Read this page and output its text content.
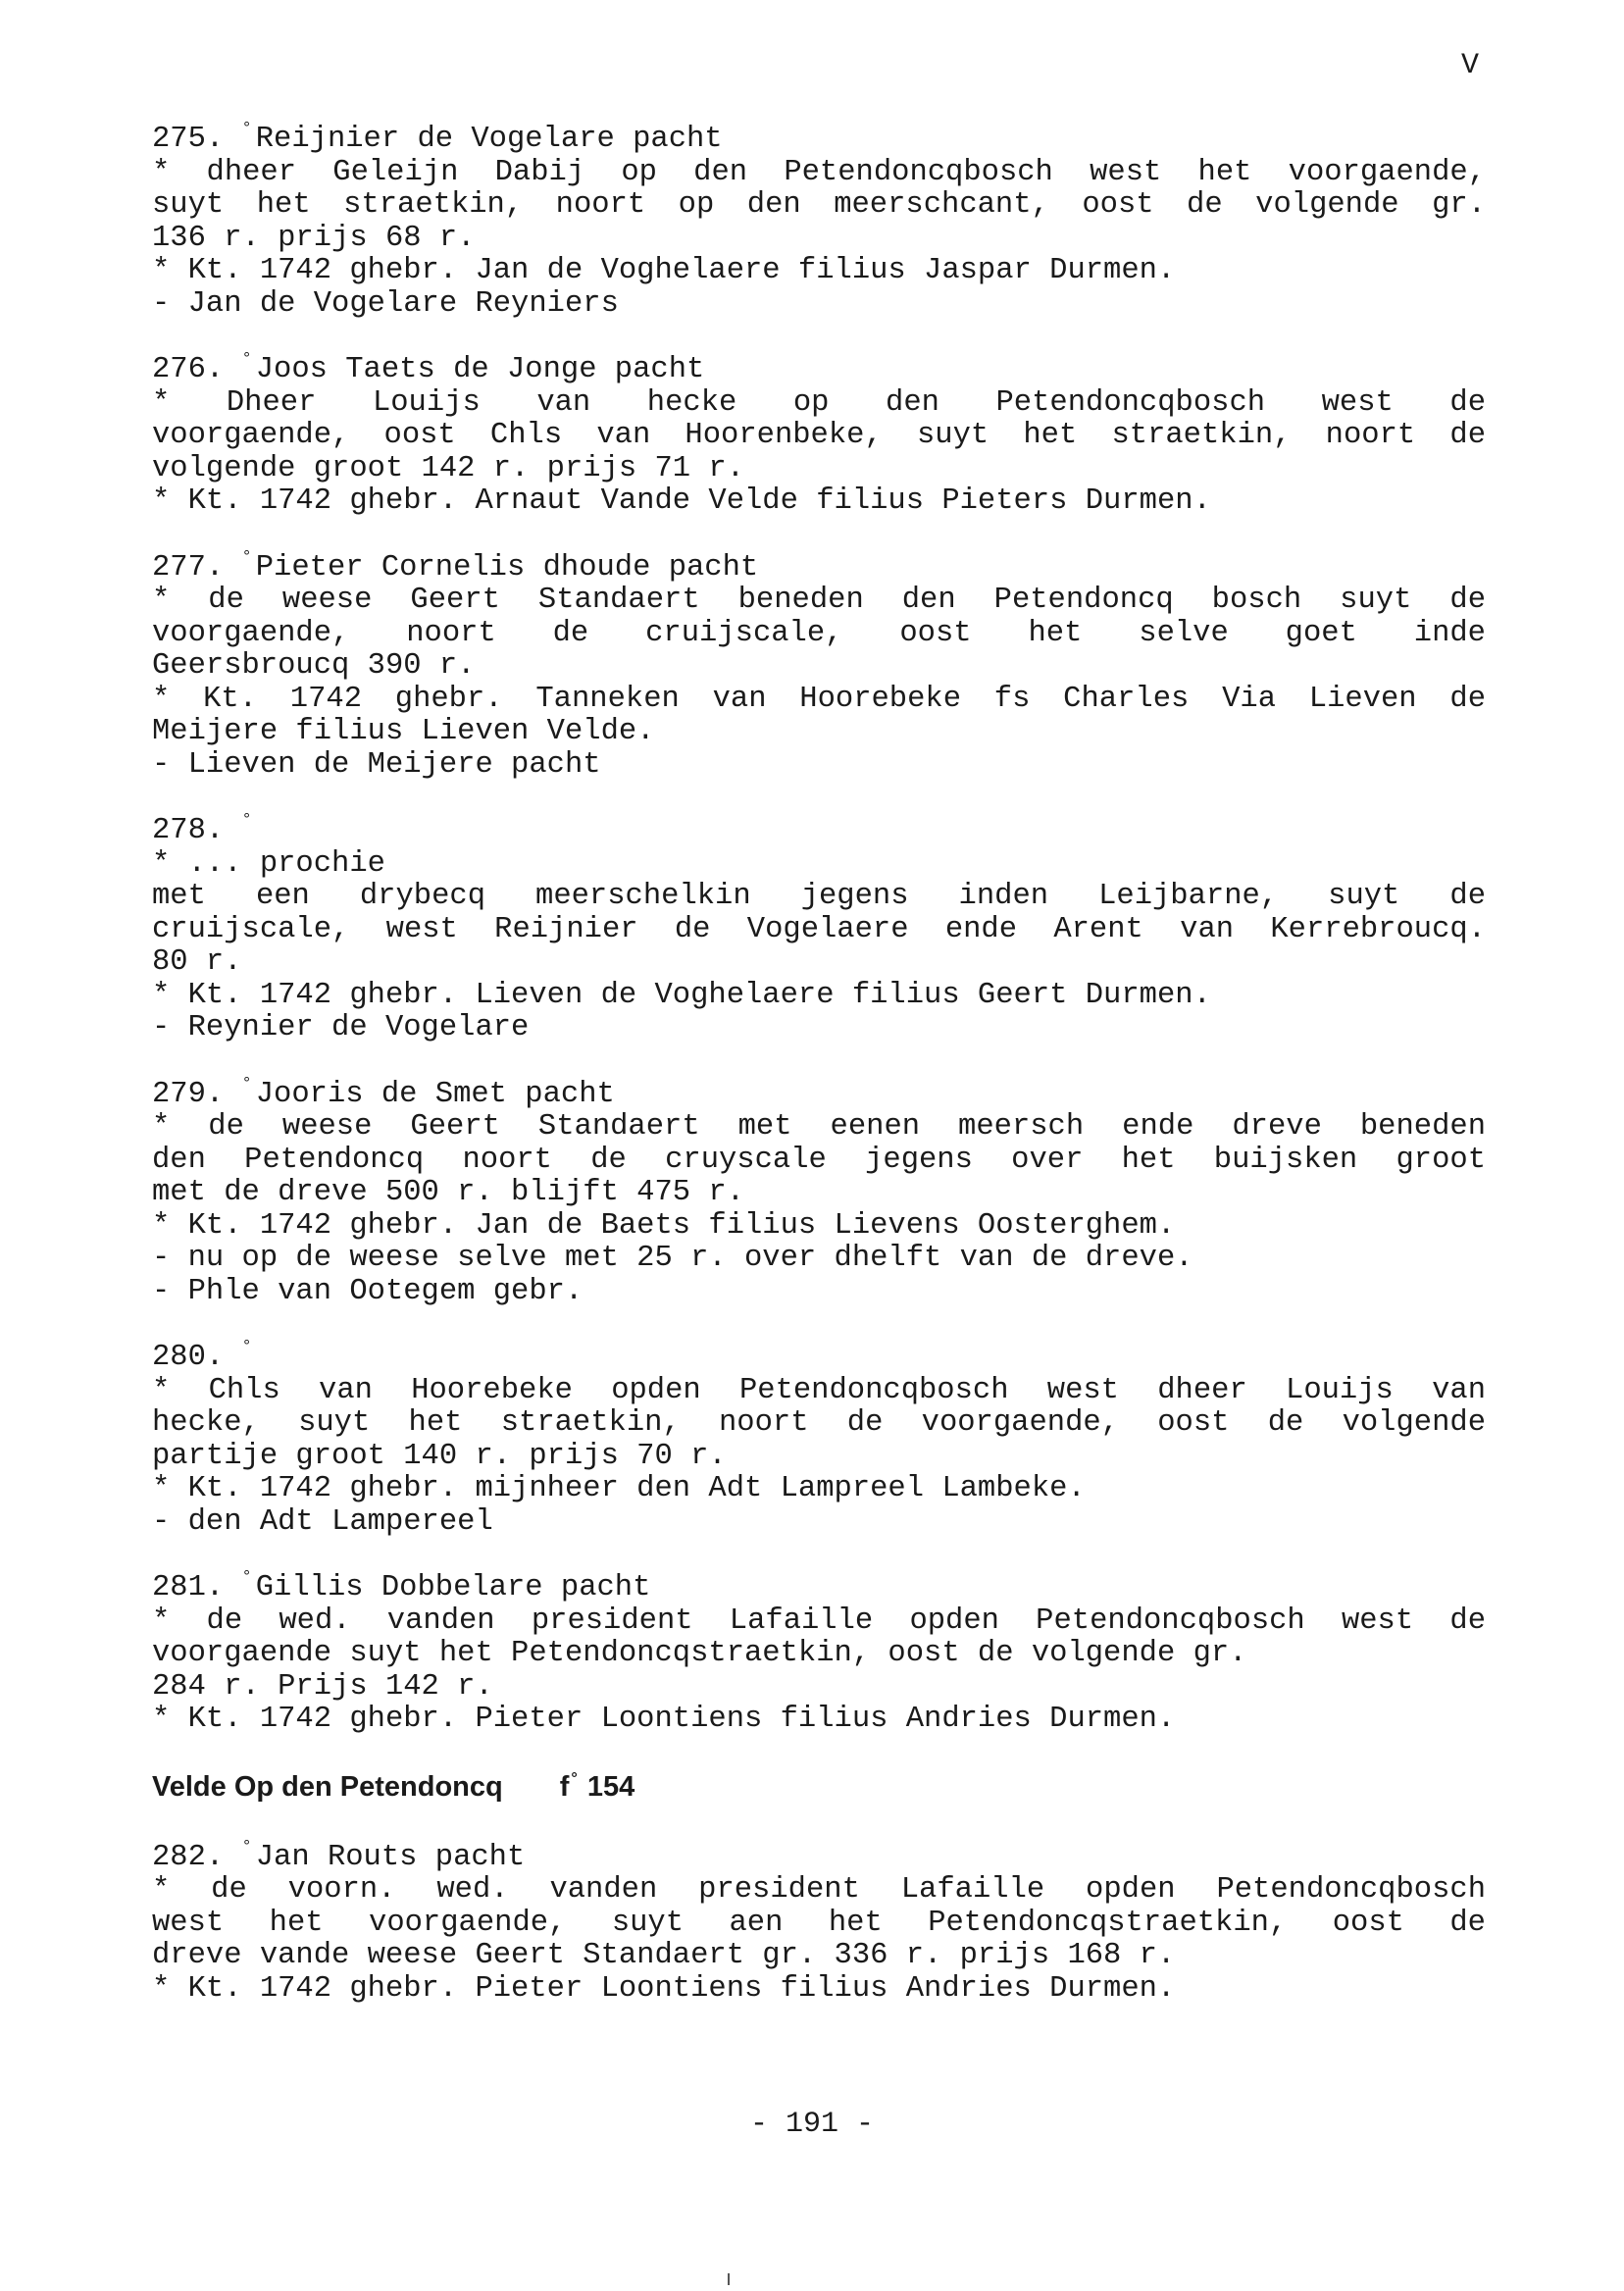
V
275. ° Reijnier de Vogelare pacht
* dheer Geleijn Dabij op den Petendoncqbosch west het voorgaende,
suyt het straetkin, noort op den meerschcant, oost de volgende gr.
136 r. prijs 68 r.
* Kt. 1742 ghebr. Jan de Voghelaere filius Jaspar Durmen.
- Jan de Vogelare Reyniers
276. ° Joos Taets de Jonge pacht
* Dheer Louijs van hecke op den Petendoncqbosch west de
voorgaende, oost Chls van Hoorenbeke, suyt het straetkin, noort de
volgende groot 142 r. prijs 71 r.
* Kt. 1742 ghebr. Arnaut Vande Velde filius Pieters Durmen.
277. ° Pieter Cornelis dhoude pacht
* de weese Geert Standaert beneden den Petendoncq bosch suyt de
voorgaende, noort de cruijscale, oost het selve goet inde
Geersbroucq 390 r.
* Kt. 1742 ghebr. Tanneken van Hoorebeke fs Charles Via Lieven de
Meijere filius Lieven Velde.
- Lieven de Meijere pacht
278. °
* ... prochie
met een drybecq meerschelkin jegens inden Leijbarne, suyt de
cruijscale, west Reijnier de Vogelaere ende Arent van Kerrebroucq.
80 r.
* Kt. 1742 ghebr. Lieven de Voghelaere filius Geert Durmen.
- Reynier de Vogelare
279. ° Jooris de Smet pacht
* de weese Geert Standaert met eenen meersch ende dreve beneden
den Petendoncq noort de cruyscale jegens over het buijsken groot
met de dreve 500 r. blijft 475 r.
* Kt. 1742 ghebr. Jan de Baets filius Lievens Oosterghem.
- nu op de weese selve met 25 r. over dhelft van de dreve.
- Phle van Ootegem gebr.
280. °
* Chls van Hoorebeke opden Petendoncqbosch west dheer Louijs van
hecke, suyt het straetkin, noort de voorgaende, oost de volgende
partije groot 140 r. prijs 70 r.
* Kt. 1742 ghebr. mijnheer den Adt Lampreel Lambeke.
- den Adt Lampereel
281. ° Gillis Dobbelare pacht
* de wed. vanden president Lafaille opden Petendoncqbosch west de
voorgaende suyt het Petendoncqstraetkin, oost de volgende gr.
284 r. Prijs 142 r.
* Kt. 1742 ghebr. Pieter Loontiens filius Andries Durmen.
Velde Op den Petendoncq f ° 154
282. ° Jan Routs pacht
* de voorn. wed. vanden president Lafaille opden Petendoncqbosch
west het voorgaende, suyt aen het Petendoncqstraetkin, oost de
dreve vande weese Geert Standaert gr. 336 r. prijs 168 r.
* Kt. 1742 ghebr. Pieter Loontiens filius Andries Durmen.
- 191 -
